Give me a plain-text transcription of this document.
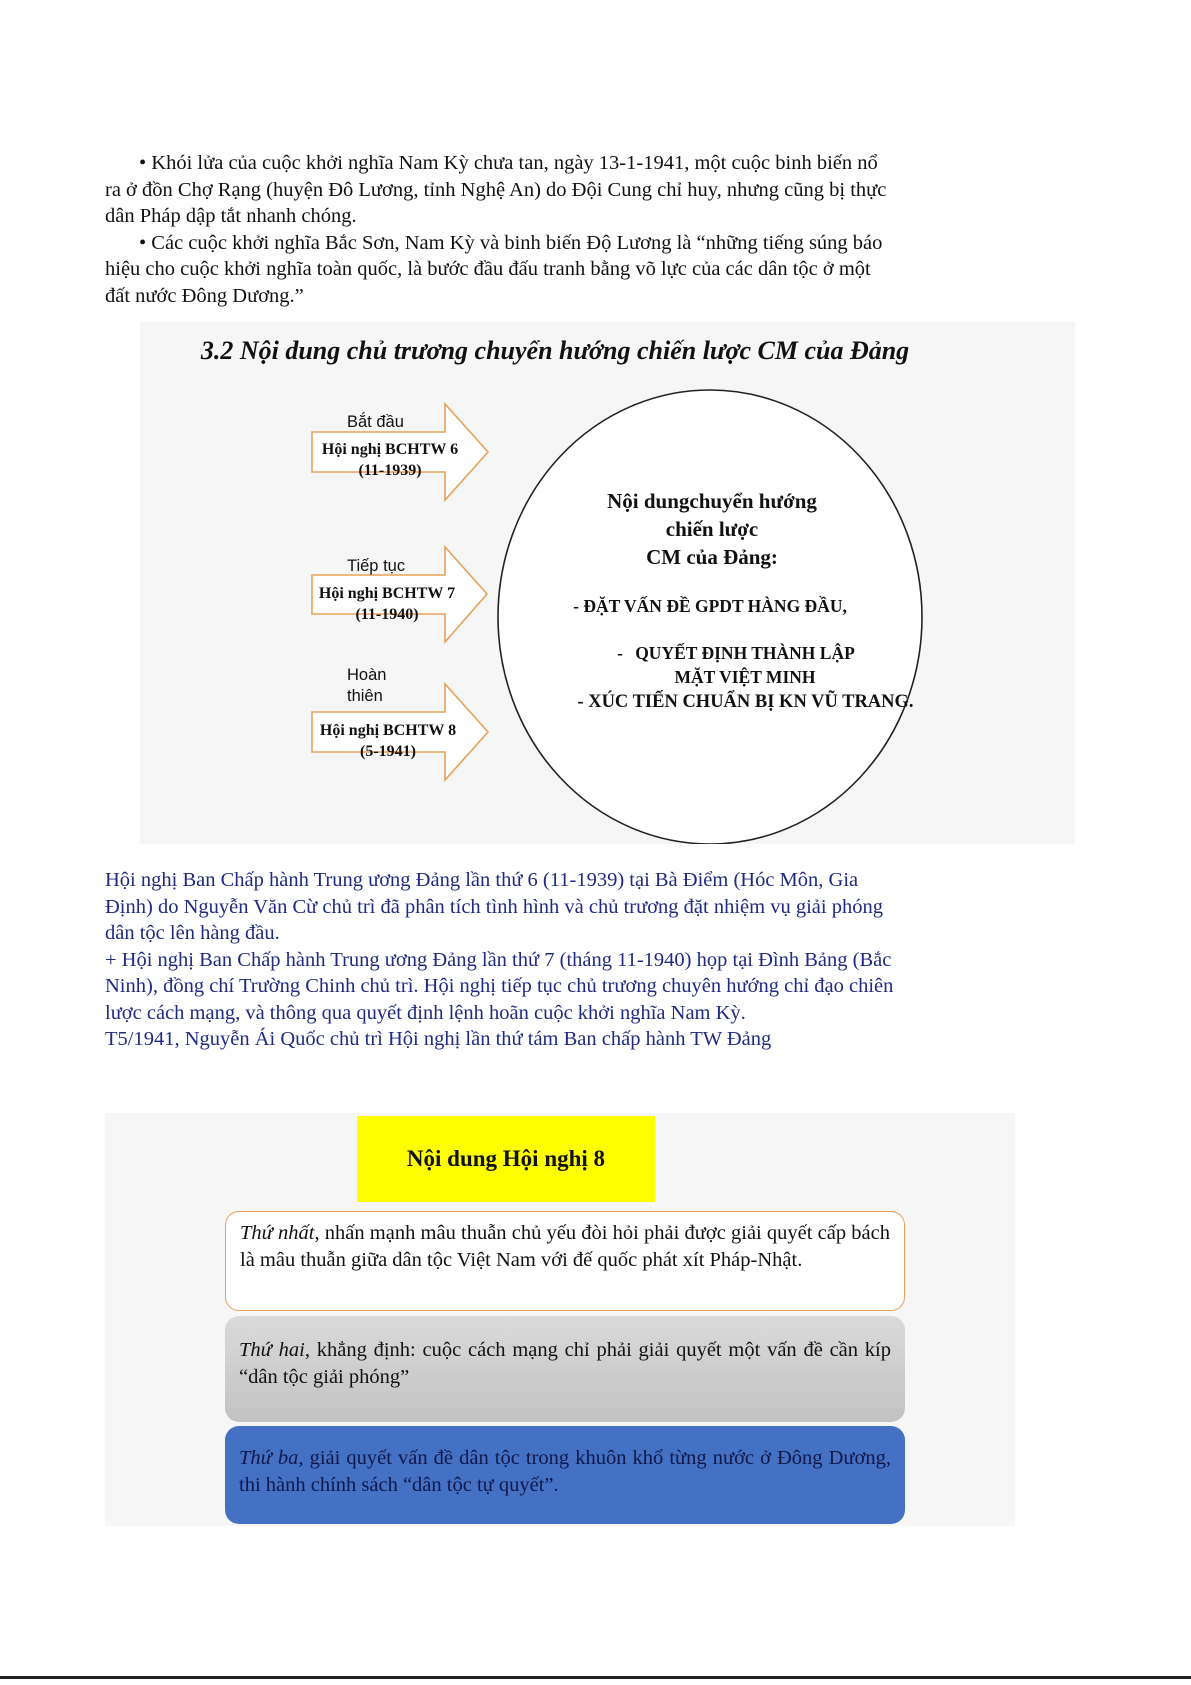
• Khói lửa của cuộc khởi nghĩa Nam Kỳ chưa tan, ngày 13-1-1941, một cuộc binh biến nổ ra ở đồn Chợ Rạng (huyện Đô Lương, tỉnh Nghệ An) do Đội Cung chỉ huy, nhưng cũng bị thực dân Pháp dập tắt nhanh chóng.

• Các cuộc khởi nghĩa Bắc Sơn, Nam Kỳ và binh biến Độ Lương là “những tiếng súng báo hiệu cho cuộc khởi nghĩa toàn quốc, là bước đầu đấu tranh bằng võ lực của các dân tộc ở một đất nước Đông Dương.”

3.2 Nội dung chủ trương chuyển hướng chiến lược CM của Đảng
Bắt đầu
Hội nghị BCHTW 6
(11-1939)
Tiếp tục
Hội nghị BCHTW 7
(11-1940)
Hoàn thiên
Hội nghị BCHTW 8
(5-1941)
Nội dungchuyển hướng
chiến lược
CM của Đảng:
- ĐẶT VẤN ĐỀ GPDT HÀNG ĐẦU,
- QUYẾT ĐỊNH THÀNH LẬP
MẶT VIỆT MINH
- XÚC TIẾN CHUẨN BỊ KN VŨ TRANG.

Hội nghị Ban Chấp hành Trung ương Đảng lần thứ 6 (11-1939) tại Bà Điểm (Hóc Môn, Gia Định) do Nguyễn Văn Cừ chủ trì đã phân tích tình hình và chủ trương đặt nhiệm vụ giải phóng dân tộc lên hàng đầu.

+ Hội nghị Ban Chấp hành Trung ương Đảng lần thứ 7 (tháng 11-1940) họp tại Đình Bảng (Bắc Ninh), đồng chí Trường Chinh chủ trì. Hội nghị tiếp tục chủ trương chuyên hướng chỉ đạo chiên lược cách mạng, và thông qua quyết định lệnh hoãn cuộc khởi nghĩa Nam Kỳ.

T5/1941, Nguyễn Ái Quốc chủ trì Hội nghị lần thứ tám Ban chấp hành TW Đảng

Nội dung Hội nghị 8
Thứ nhất, nhấn mạnh mâu thuẫn chủ yếu đòi hỏi phải được giải quyết cấp bách là mâu thuẫn giữa dân tộc Việt Nam với đế quốc phát xít Pháp-Nhật.
Thứ hai, khẳng định: cuộc cách mạng chỉ phải giải quyết một vấn đề cần kíp “dân tộc giải phóng”
Thứ ba, giải quyết vấn đề dân tộc trong khuôn khổ từng nước ở Đông Dương, thi hành chính sách “dân tộc tự quyết”.
